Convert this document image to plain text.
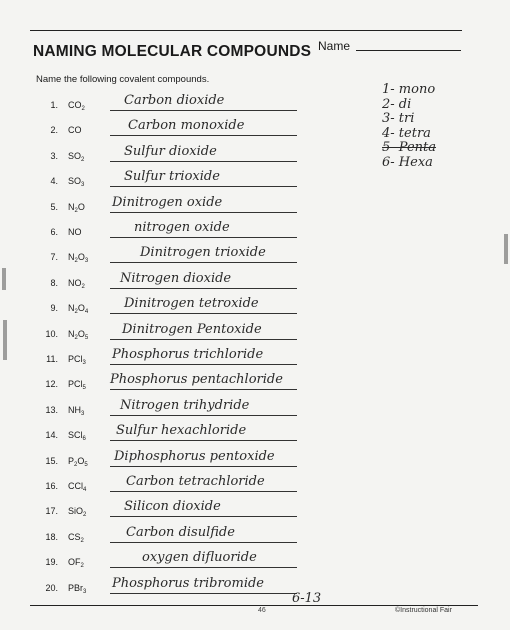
NAMING MOLECULAR COMPOUNDS Name
Name the following covalent compounds.
1. $CO_2$
Carbon dioxide
2. CO	Carbon monoxide
3. $SO_2$
Sulfur dioxide
4. $SO_3$
Sulfur trioxide
5. $N_2O$ Dinitrogen oxide
6. NO	nitrogen oxide
7. $N_2O_3$
Dinitrogen trioxide
8. $NO_2$
Nitrogen dioxide
9. $N_2O_4$
Dinitrogen tetroxide
10. $N_2O_5$
Dinitrogen Pentoxide
11. PCl$_3$
Phosphorus trichloride
12. PCl$_5$
Phosphorus pentachloride
13. $NH_3$
Nitrogen trihydride
14. SCl$_6$
Sulfur hexachloride
15. $P_2O_5$
Diphosphorus pentoxide
16. CCl$_4$
Carbon tetrachloride
17. SiO$_2$
Silicon dioxide
18. $CS_2$
Carbon disulfide
19. $OF_2$
oxygen difluoride
20. PBr$_3$
Phosphorus tribromide
1- mono
2- di
3- tri
4- tetra
5- Penta
6- Hexa
6-13
46	©Instructional Fair
